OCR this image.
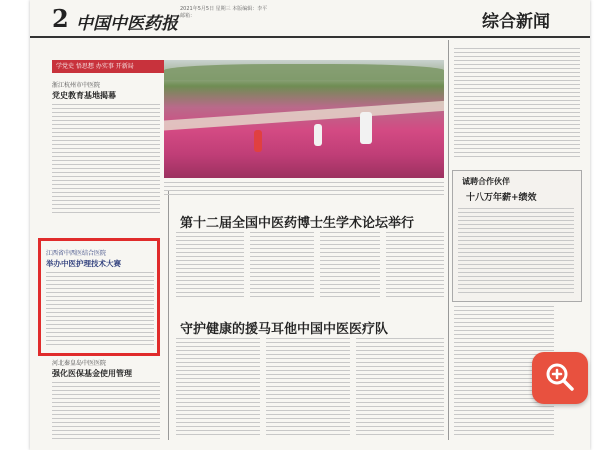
2 中国中医药报
2021年5月5日 星期三 本版编辑：李平 邮箱：	综合新闻
学党史 悟思想 办实事 开新局
浙江杭州市中医院
党史教育基地揭幕
江西省中西医结合医院
举办中医护理技术大赛
河北秦皇岛中医医院
强化医保基金使用管理
诚聘合作伙伴
十八万年薪+绩效
第十二届全国中医药博士生学术论坛举行
守护健康的援马耳他中国中医医疗队
